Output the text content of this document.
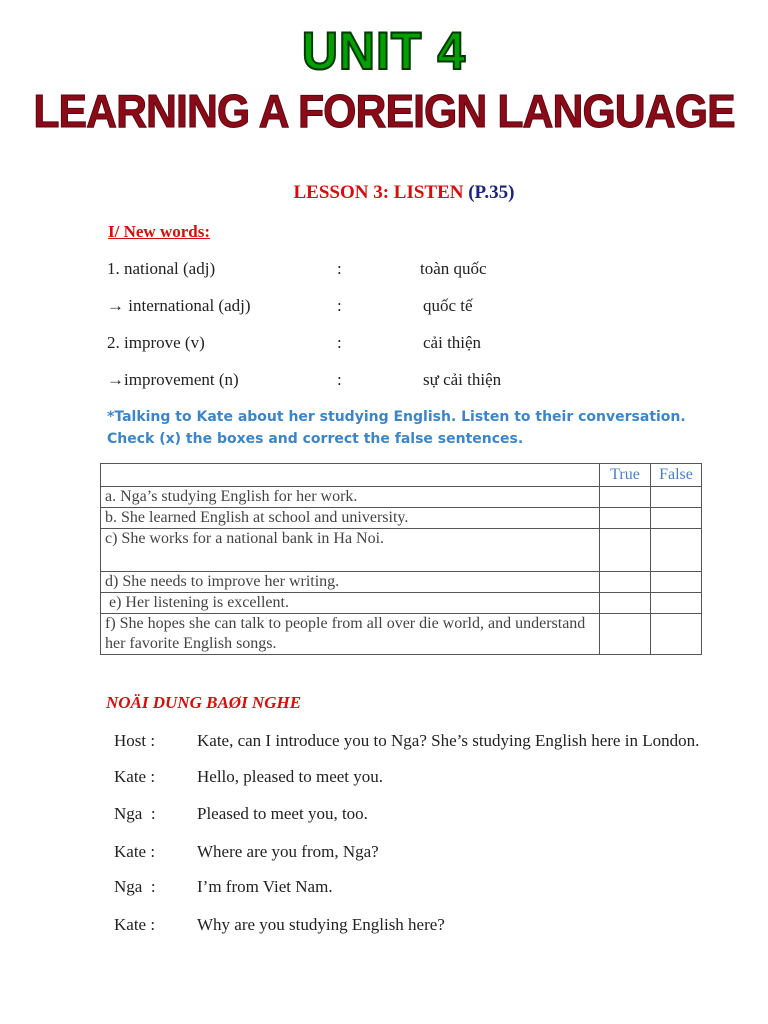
UNIT 4
LEARNING A FOREIGN LANGUAGE
LESSON 3: LISTEN (P.35)
I/ New words:
1. national (adj)	:	toàn quốc
→ international (adj)	:	quốc tế
2. improve (v)	:	cải thiện
→improvement (n)	:	sự cải thiện
*Talking to Kate about her studying English. Listen to their conversation.
Check (x) the boxes and correct the false sentences.
	True	False
a. Nga’s studying English for her work.		
b. She learned English at school and university.		
c) She works for a national bank in Ha Noi.		
d) She needs to improve her writing.		
e) Her listening is excellent.		
f) She hopes she can talk to people from all over die world, and understand her favorite English songs.		
NOÄI DUNG BAØI NGHE
Host : Kate, can I introduce you to Nga? She’s studying English here in London.
Kate : Hello, pleased to meet you.
Nga  : Pleased to meet you, too.
Kate : Where are you from, Nga?
Nga  : I’m from Viet Nam.
Kate : Why are you studying English here?
